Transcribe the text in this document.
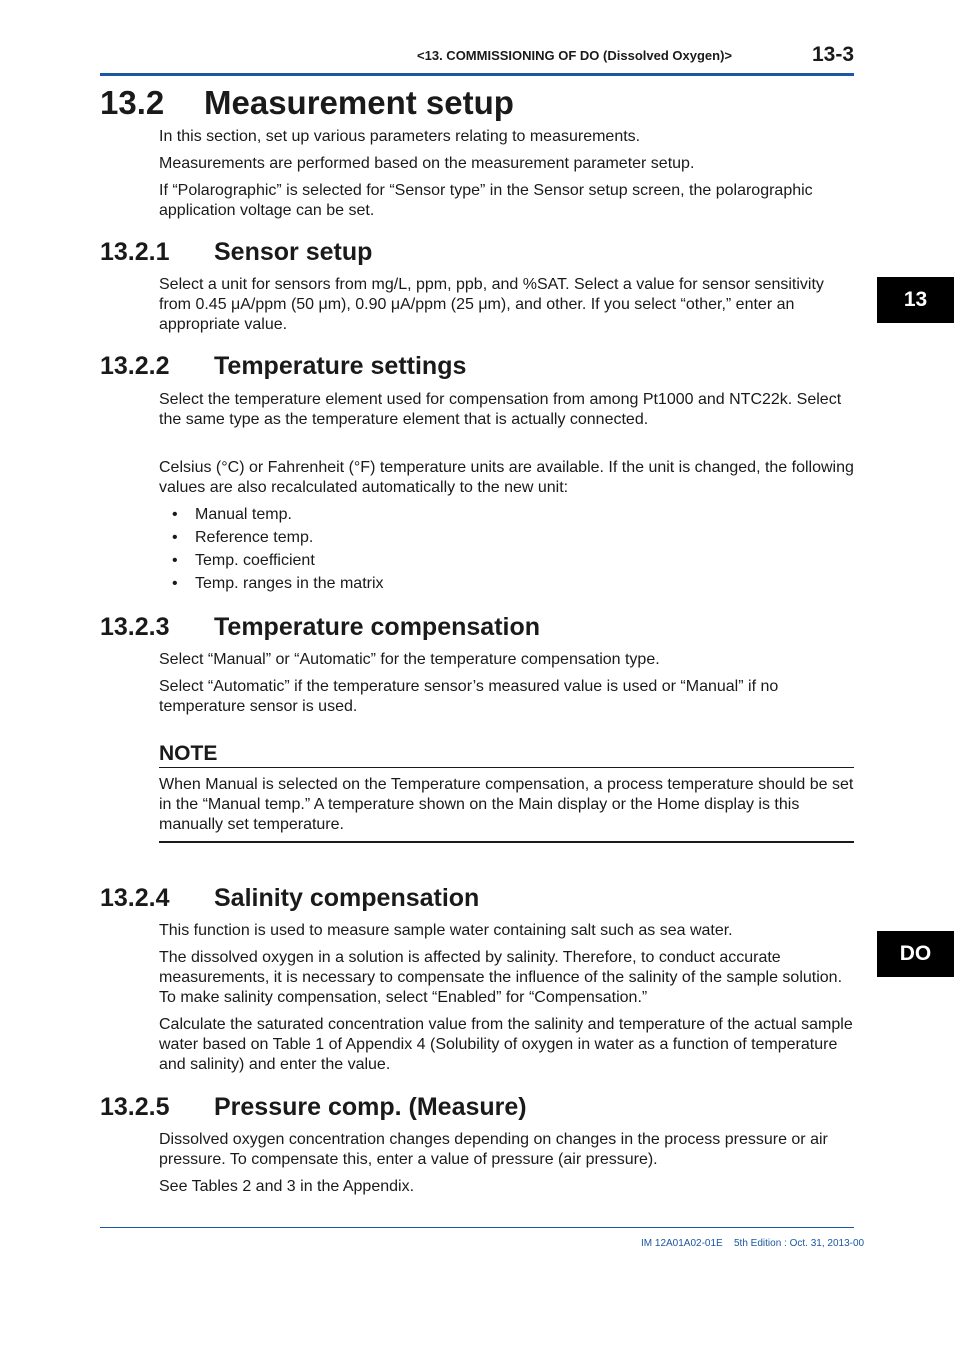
<13. COMMISSIONING OF DO (Dissolved Oxygen)>	13-3
13.2 Measurement setup
In this section, set up various parameters relating to measurements.
Measurements are performed based on the measurement parameter setup.
If “Polarographic” is selected for “Sensor type” in the Sensor setup screen, the polarographic application voltage can be set.
13.2.1 Sensor setup
Select a unit for sensors from mg/L, ppm, ppb, and %SAT. Select a value for sensor sensitivity from 0.45 μA/ppm (50 μm), 0.90 μA/ppm (25 μm), and other. If you select “other,” enter an appropriate value.
13.2.2 Temperature settings
Select the temperature element used for compensation from among Pt1000 and NTC22k. Select the same type as the temperature element that is actually connected.
Celsius (°C) or Fahrenheit (°F) temperature units are available. If the unit is changed, the following values are also recalculated automatically to the new unit:
• Manual temp.
• Reference temp.
• Temp. coefficient
• Temp. ranges in the matrix
13.2.3 Temperature compensation
Select “Manual” or “Automatic” for the temperature compensation type.
Select “Automatic” if the temperature sensor’s measured value is used or “Manual” if no temperature sensor is used.
NOTE
When Manual is selected on the Temperature compensation, a process temperature should be set in the “Manual temp.” A temperature shown on the Main display or the Home display is this manually set temperature.
13.2.4 Salinity compensation
This function is used to measure sample water containing salt such as sea water.
The dissolved oxygen in a solution is affected by salinity. Therefore, to conduct accurate measurements, it is necessary to compensate the influence of the salinity of the sample solution. To make salinity compensation, select “Enabled” for “Compensation.”
Calculate the saturated concentration value from the salinity and temperature of the actual sample water based on Table 1 of Appendix 4 (Solubility of oxygen in water as a function of temperature and salinity) and enter the value.
13.2.5 Pressure comp. (Measure)
Dissolved oxygen concentration changes depending on changes in the process pressure or air pressure. To compensate this, enter a value of pressure (air pressure).
See Tables 2 and 3 in the Appendix.
13
DO
IM 12A01A02-01E 5th Edition : Oct. 31, 2013-00
